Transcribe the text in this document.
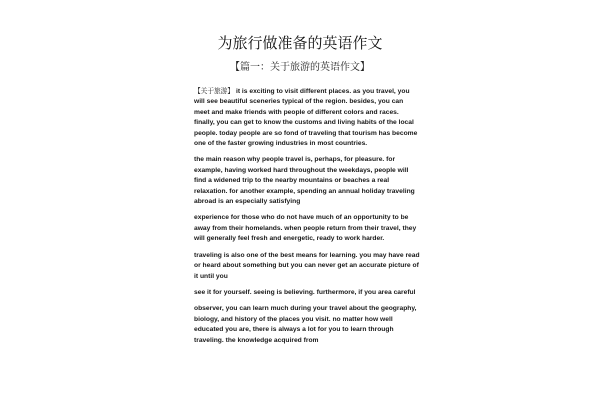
为旅行做准备的英语作文
【篇一：关于旅游的英语作文】

【关于旅游】 it is exciting to visit different places. as you travel, you will see beautiful sceneries typical of the region. besides, you can meet and make friends with people of different colors and races. finally, you can get to know the customs and living habits of the local people. today people are so fond of traveling that tourism has become one of the faster growing industries in most countries.

the main reason why people travel is, perhaps, for pleasure. for example, having worked hard throughout the weekdays, people will find a widened trip to the nearby mountains or beaches a real relaxation. for another example, spending an annual holiday traveling abroad is an especially satisfying

experience for those who do not have much of an opportunity to be away from their homelands. when people return from their travel, they will generally feel fresh and energetic, ready to work harder.

traveling is also one of the best means for learning. you may have read or heard about something but you can never get an accurate picture of it until you

see it for yourself. seeing is believing. furthermore, if you area careful

observer, you can learn much during your travel about the geography, biology, and history of the places you visit. no matter how well educated you are, there is always a lot for you to learn through traveling. the knowledge acquired from
